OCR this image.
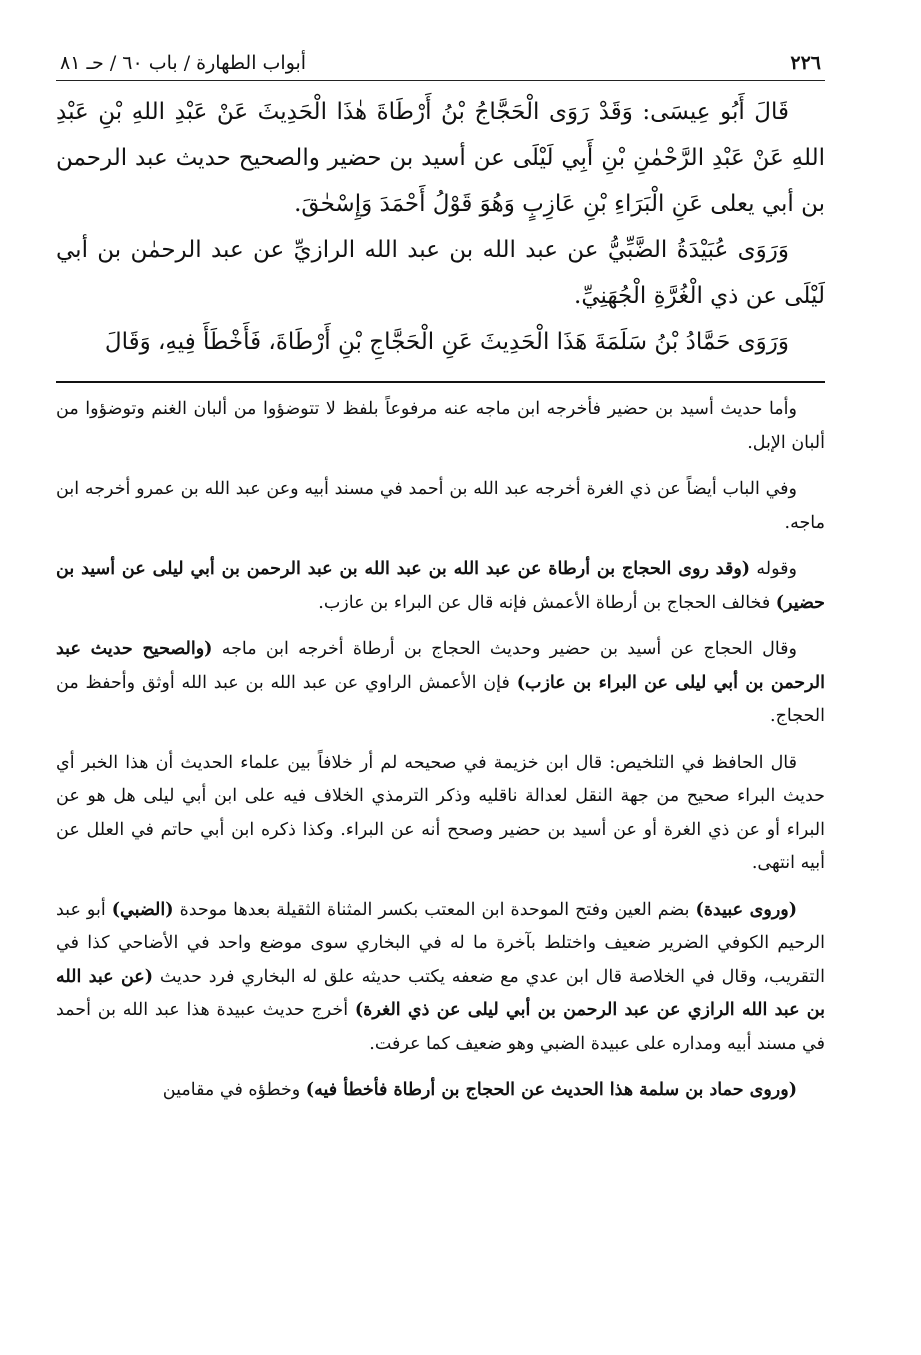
٢٢٦
أبواب الطهارة / باب ٦٠ / حـ ٨١

قَالَ أَبُو عِيسَى: وَقَدْ رَوَى الْحَجَّاجُ بْنُ أَرْطَاةَ هٰذَا الْحَدِيثَ عَنْ عَبْدِ اللهِ بْنِ عَبْدِ اللهِ عَنْ عَبْدِ الرَّحْمٰنِ بْنِ أَبِي لَيْلَى عن أسيد بن حضير والصحيح حديث عبد الرحمن بن أبي يعلى عَنِ الْبَرَاءِ بْنِ عَازِبٍ وَهُوَ قَوْلُ أَحْمَدَ وَإِسْحٰقَ.

وَرَوَى عُبَيْدَةُ الضَّبِّيُّ عن عبد الله بن عبد الله الرازيِّ عن عبد الرحمٰن بن أبي لَيْلَى عن ذي الْغُرَّةِ الْجُهَنِيِّ.

وَرَوَى حَمَّادُ بْنُ سَلَمَةَ هَذَا الْحَدِيثَ عَنِ الْحَجَّاجِ بْنِ أَرْطَاةَ، فَأَخْطَأَ فِيهِ، وَقَالَ

وأما حديث أسيد بن حضير فأخرجه ابن ماجه عنه مرفوعاً بلفظ لا تتوضؤوا من ألبان الغنم وتوضؤوا من ألبان الإبل.

وفي الباب أيضاً عن ذي الغرة أخرجه عبد الله بن أحمد في مسند أبيه وعن عبد الله بن عمرو أخرجه ابن ماجه.

وقوله (وقد روى الحجاج بن أرطاة عن عبد الله بن عبد الله بن عبد الرحمن بن أبي ليلى عن أسيد بن حضير) فخالف الحجاج بن أرطاة الأعمش فإنه قال عن البراء بن عازب.

وقال الحجاج عن أسيد بن حضير وحديث الحجاج بن أرطاة أخرجه ابن ماجه (والصحيح حديث عبد الرحمن بن أبي ليلى عن البراء بن عازب) فإن الأعمش الراوي عن عبد الله بن عبد الله أوثق وأحفظ من الحجاج.

قال الحافظ في التلخيص: قال ابن خزيمة في صحيحه لم أر خلافاً بين علماء الحديث أن هذا الخبر أي حديث البراء صحيح من جهة النقل لعدالة ناقليه وذكر الترمذي الخلاف فيه على ابن أبي ليلى هل هو عن البراء أو عن ذي الغرة أو عن أسيد بن حضير وصحح أنه عن البراء. وكذا ذكره ابن أبي حاتم في العلل عن أبيه انتهى.

(وروى عبيدة) بضم العين وفتح الموحدة ابن المعتب بكسر المثناة الثقيلة بعدها موحدة (الضبي) أبو عبد الرحيم الكوفي الضرير ضعيف واختلط بآخرة ما له في البخاري سوى موضع واحد في الأضاحي كذا في التقريب، وقال في الخلاصة قال ابن عدي مع ضعفه يكتب حديثه علق له البخاري فرد حديث (عن عبد الله بن عبد الله الرازي عن عبد الرحمن بن أبي ليلى عن ذي الغرة) أخرج حديث عبيدة هذا عبد الله بن أحمد في مسند أبيه ومداره على عبيدة الضبي وهو ضعيف كما عرفت.

(وروى حماد بن سلمة هذا الحديث عن الحجاج بن أرطاة فأخطأ فيه) وخطؤه في مقامين
